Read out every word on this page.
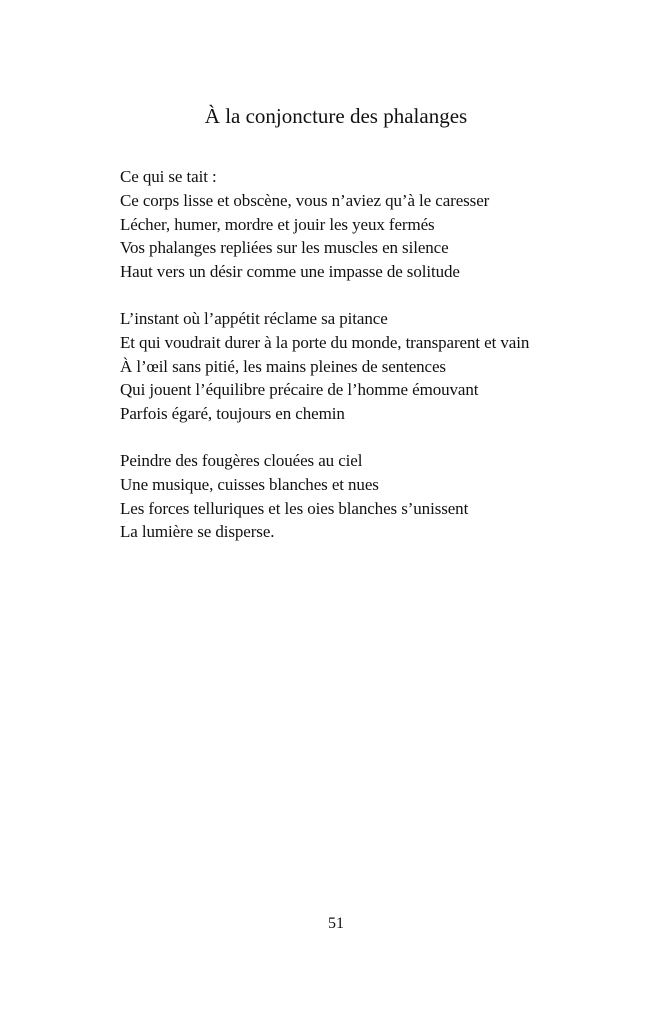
À la conjoncture des phalanges
Ce qui se tait :
Ce corps lisse et obscène, vous n’aviez qu’à le caresser
Lécher, humer, mordre et jouir les yeux fermés
Vos phalanges repliées sur les muscles en silence
Haut vers un désir comme une impasse de solitude
L’instant où l’appétit réclame sa pitance
Et qui voudrait durer à la porte du monde, transparent et vain
À l’œil sans pitié, les mains pleines de sentences
Qui jouent l’équilibre précaire de l’homme émouvant
Parfois égaré, toujours en chemin
Peindre des fougères clouées au ciel
Une musique, cuisses blanches et nues
Les forces telluriques et les oies blanches s’unissent
La lumière se disperse.
51
